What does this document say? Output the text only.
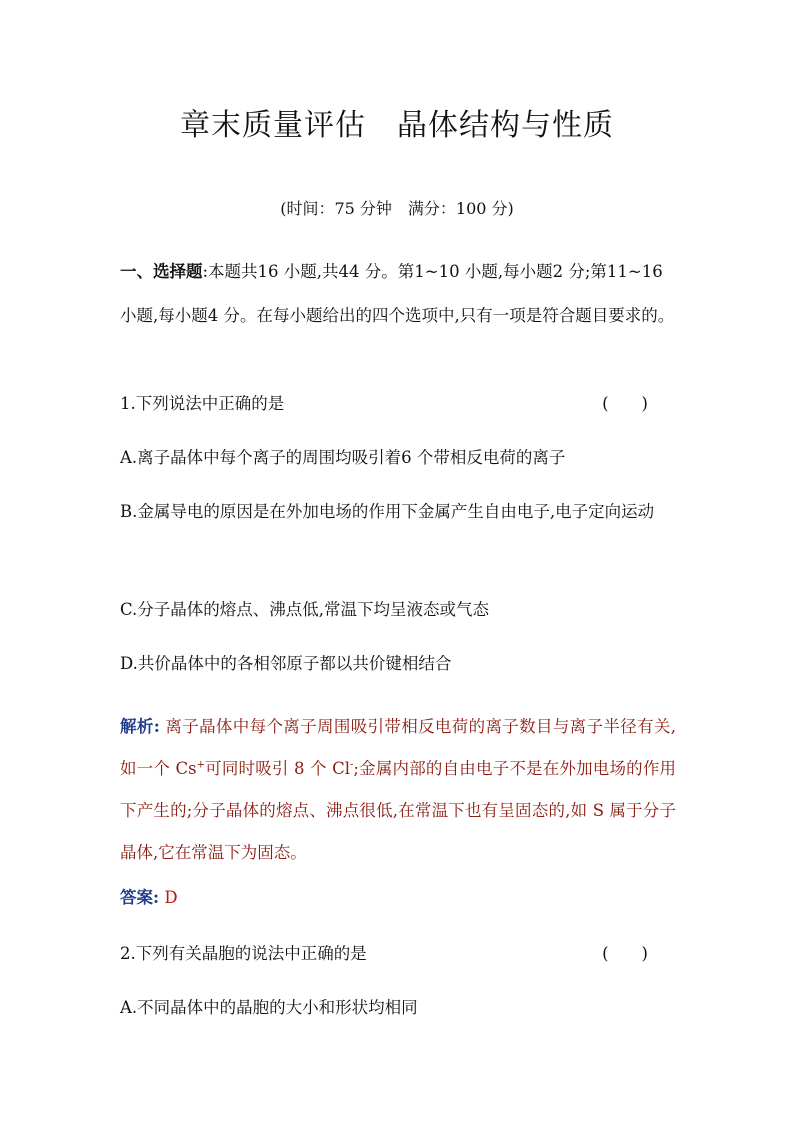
章末质量评估　晶体结构与性质
(时间：75 分钟　满分：100 分)
一、选择题:本题共16 小题,共44 分。第1~10 小题,每小题2 分;第11~16小题,每小题4 分。在每小题给出的四个选项中,只有一项是符合题目要求的。
1.下列说法中正确的是	(　　)
A.离子晶体中每个离子的周围均吸引着6 个带相反电荷的离子
B.金属导电的原因是在外加电场的作用下金属产生自由电子,电子定向运动
C.分子晶体的熔点、沸点低,常温下均呈液态或气态
D.共价晶体中的各相邻原子都以共价键相结合
解析: 离子晶体中每个离子周围吸引带相反电荷的离子数目与离子半径有关,如一个 Cs+可同时吸引 8 个 Cl-;金属内部的自由电子不是在外加电场的作用下产生的;分子晶体的熔点、沸点很低,在常温下也有呈固态的,如 S 属于分子晶体,它在常温下为固态。
答案: D
2.下列有关晶胞的说法中正确的是	(　　)
A.不同晶体中的晶胞的大小和形状均相同
